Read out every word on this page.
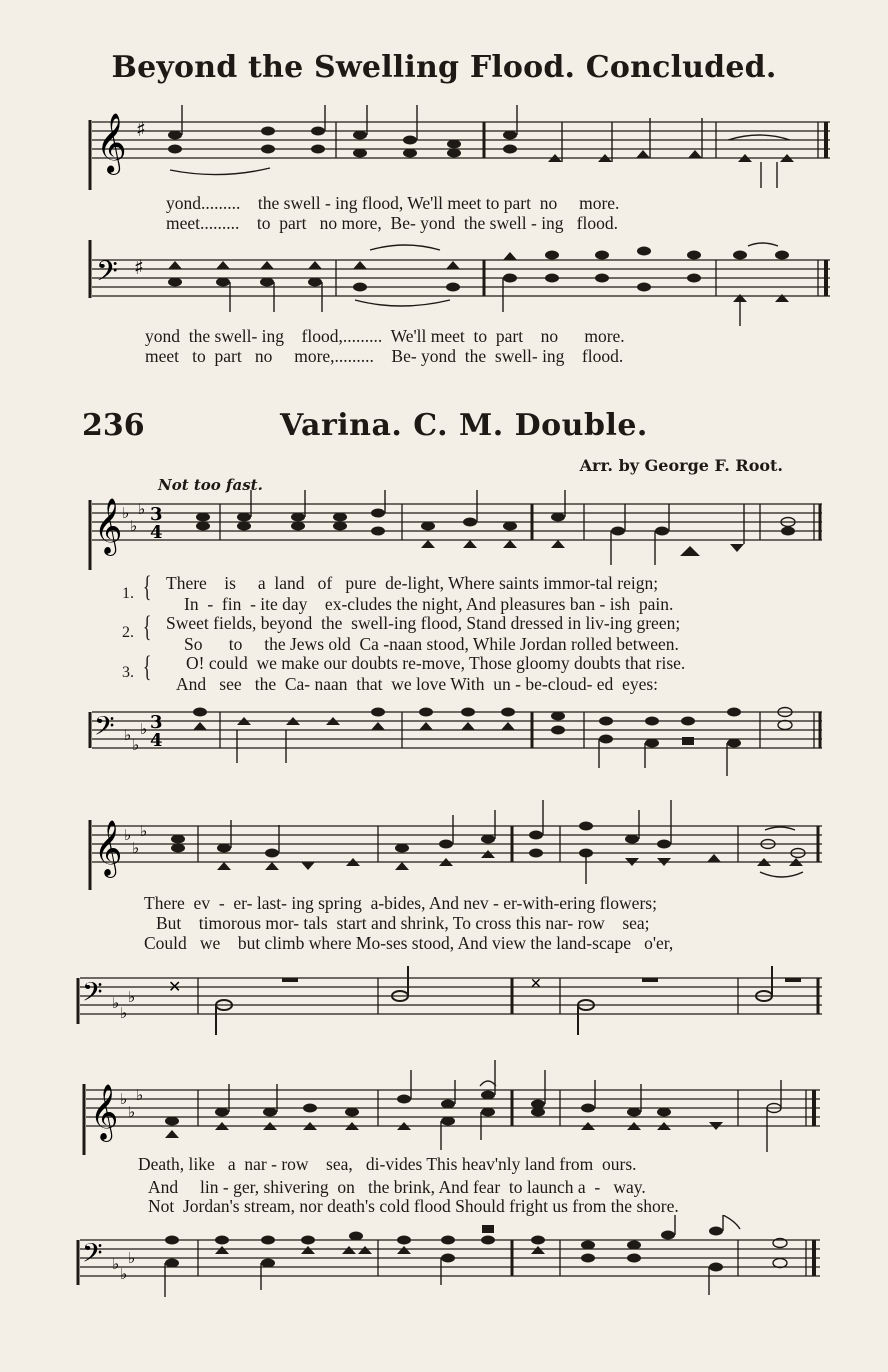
Beyond the Swelling Flood. Concluded.
𝄞 ♯
yond.........    the swell - ing flood, We'll meet to part  no     more.
meet.........    to  part   no more,  Be- yond  the swell - ing   flood.
𝄢 ♯
yond  the swell- ing    flood,.........  We'll meet  to  part    no      more.
meet   to  part   no     more,.........    Be- yond  the  swell- ing    flood.
236	Varina. C. M. Double.
Arr. by George F. Root.
Not too fast.
𝄞 ♭
♭
♭ 3
4
1. { There    is     a  land   of   pure  de-light, Where saints immor-tal reign;
In  -  fin  - ite day    ex-cludes the night, And pleasures ban - ish  pain.
2. { Sweet fields, beyond  the  swell-ing flood, Stand dressed in liv-ing green;
So      to     the Jews old  Ca -naan stood, While Jordan rolled between.
3. { O! could  we make our doubts re-move, Those gloomy doubts that rise.
And   see   the  Ca- naan  that  we love With  un - be-cloud- ed  eyes:
𝄢 ♭
♭
♭ 3
4
𝄞 ♭
♭
♭
There  ev  -  er- last- ing spring  a-bides, And nev - er-with-ering flowers;
But    timorous mor- tals  start and shrink, To cross this nar- row    sea;
Could   we    but climb where Mo-ses stood, And view the land-scape   o'er,
𝄢 ♭
♭
♭
✕	✕
𝄞 ♭
♭
♭
Death, like   a  nar - row    sea,   di-vides This heav'nly land from  ours.
And     lin - ger, shivering  on   the brink, And fear  to launch a  -   way.
Not  Jordan's stream, nor death's cold flood Should fright us from the shore.
𝄢 ♭
♭
♭
